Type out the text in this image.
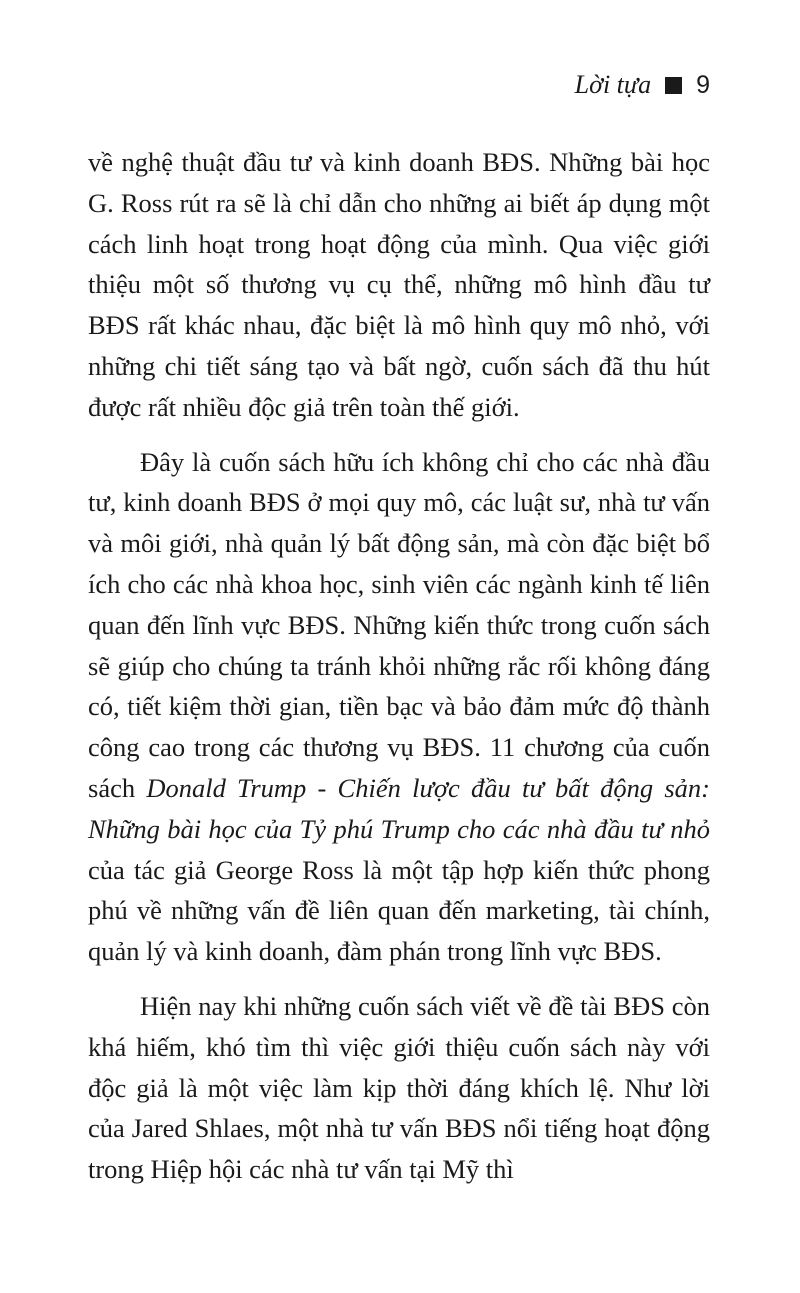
Lời tựa 9

về nghệ thuật đầu tư và kinh doanh BĐS. Những bài học G. Ross rút ra sẽ là chỉ dẫn cho những ai biết áp dụng một cách linh hoạt trong hoạt động của mình. Qua việc giới thiệu một số thương vụ cụ thể, những mô hình đầu tư BĐS rất khác nhau, đặc biệt là mô hình quy mô nhỏ, với những chi tiết sáng tạo và bất ngờ, cuốn sách đã thu hút được rất nhiều độc giả trên toàn thế giới.

Đây là cuốn sách hữu ích không chỉ cho các nhà đầu tư, kinh doanh BĐS ở mọi quy mô, các luật sư, nhà tư vấn và môi giới, nhà quản lý bất động sản, mà còn đặc biệt bổ ích cho các nhà khoa học, sinh viên các ngành kinh tế liên quan đến lĩnh vực BĐS. Những kiến thức trong cuốn sách sẽ giúp cho chúng ta tránh khỏi những rắc rối không đáng có, tiết kiệm thời gian, tiền bạc và bảo đảm mức độ thành công cao trong các thương vụ BĐS. 11 chương của cuốn sách Donald Trump - Chiến lược đầu tư bất động sản: Những bài học của Tỷ phú Trump cho các nhà đầu tư nhỏ của tác giả George Ross là một tập hợp kiến thức phong phú về những vấn đề liên quan đến marketing, tài chính, quản lý và kinh doanh, đàm phán trong lĩnh vực BĐS.

Hiện nay khi những cuốn sách viết về đề tài BĐS còn khá hiếm, khó tìm thì việc giới thiệu cuốn sách này với độc giả là một việc làm kịp thời đáng khích lệ. Như lời của Jared Shlaes, một nhà tư vấn BĐS nổi tiếng hoạt động trong Hiệp hội các nhà tư vấn tại Mỹ thì
